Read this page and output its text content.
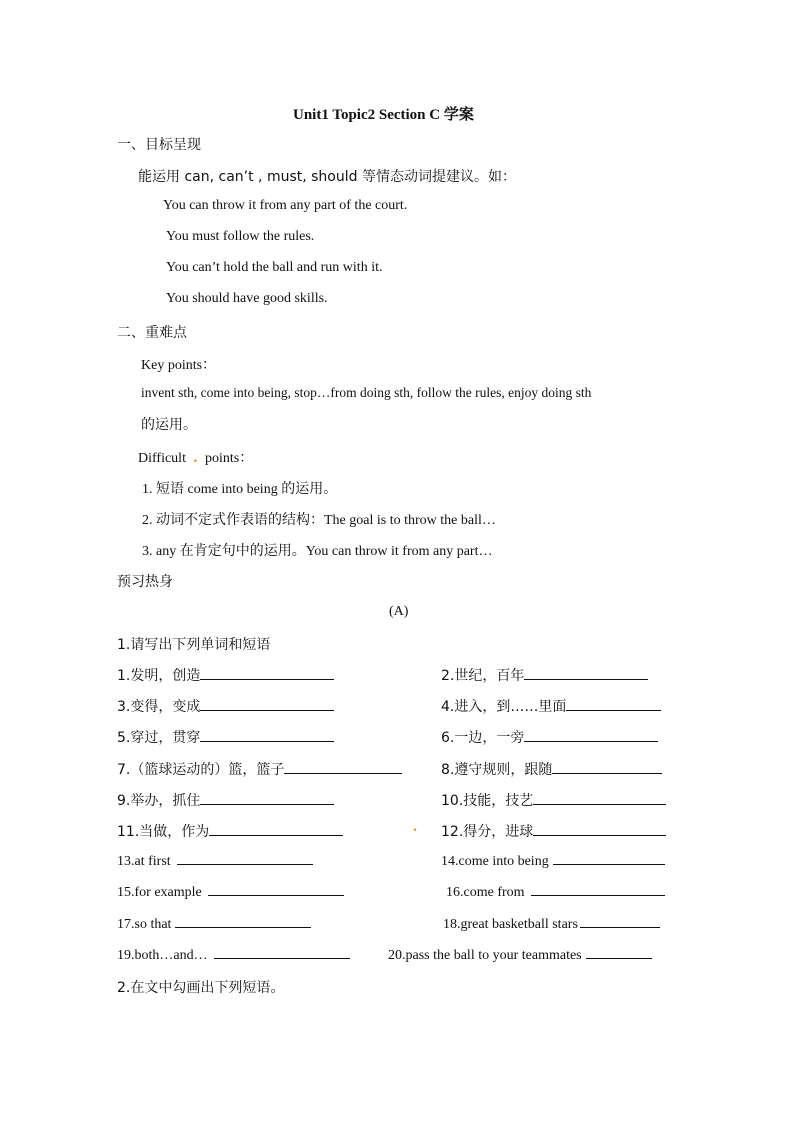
Unit1 Topic2 Section C 学案
一、目标呈现
能运用 can, can’t , must, should 等情态动词提建议。如：
You can throw it from any part of the court.
You must follow the rules.
You can’t hold the ball and run with it.
You should have good skills.
二、重难点
Key points：
invent sth, come into being, stop…from doing sth, follow the rules, enjoy doing sth
的运用。
Difficult  .  points：
1. 短语 come into being 的运用。
2. 动词不定式作表语的结构：The goal is to throw the ball…
3. any 在肯定句中的运用。You can throw it from any part…
预习热身
(A)
1.请写出下列单词和短语
1.发明，创造
3.变得，变成
5.穿过，贯穿
7.（篮球运动的）篮，篮子
9.举办，抓住
11.当做，作为
13.at first
15.for example
17.so that
19.both…and…
2.世纪，百年
4.进入，到……里面
6.一边，一旁
8.遵守规则，跟随
10.技能，技艺
. 12.得分，进球
14.come into being
16.come from
18.great basketball stars
20.pass the ball to your teammates
2.在文中勾画出下列短语。
